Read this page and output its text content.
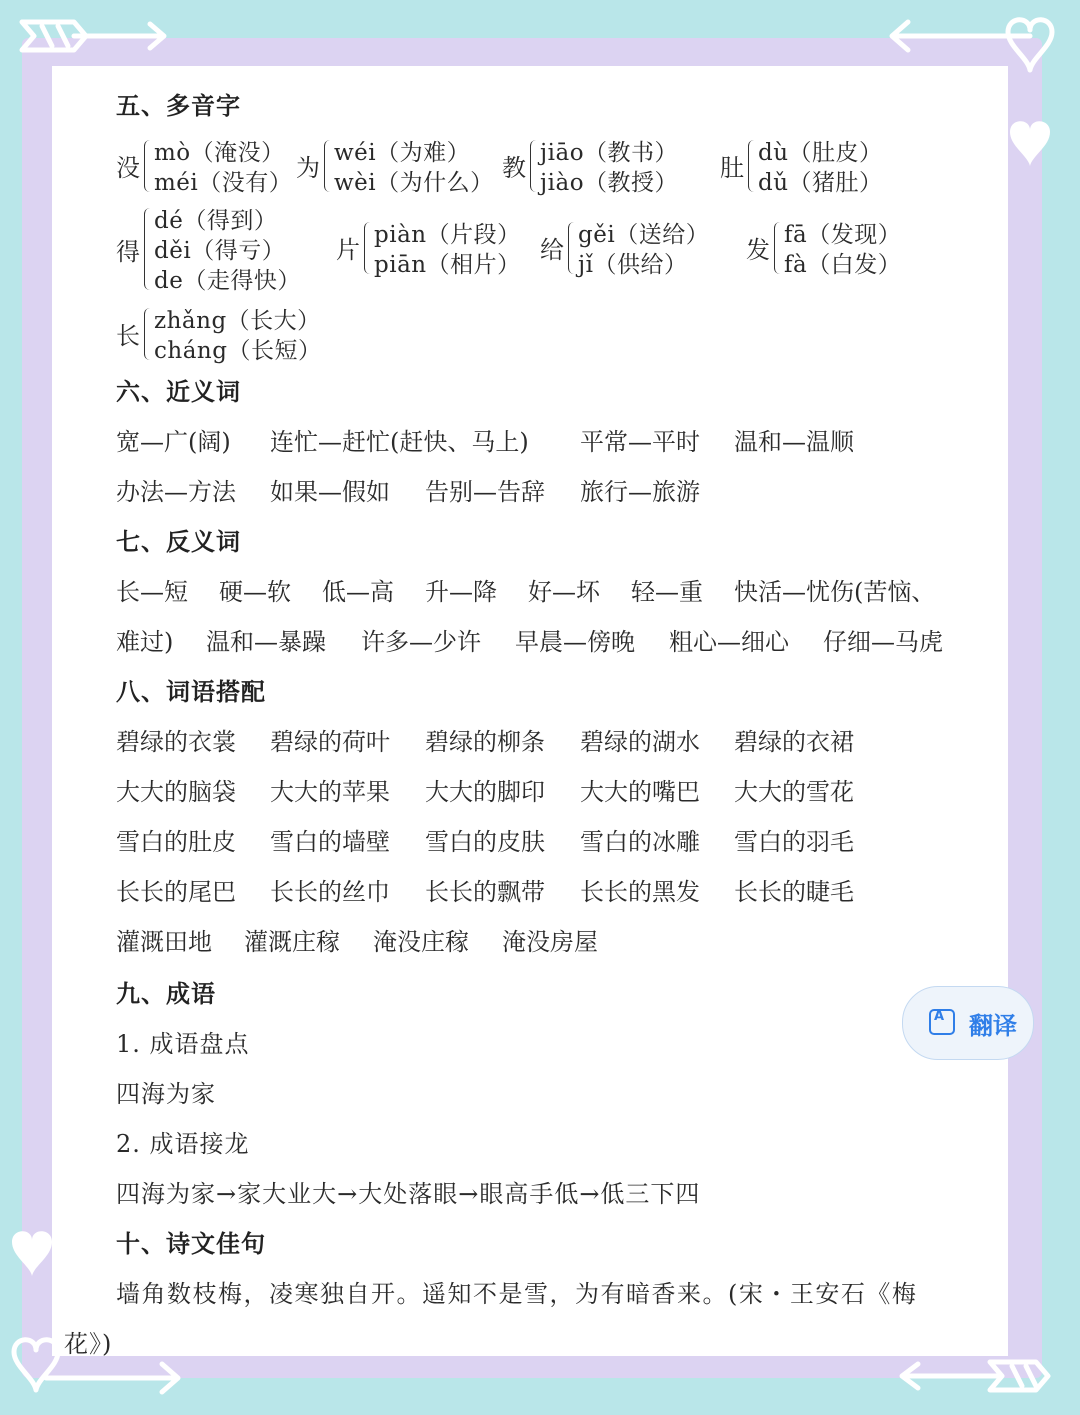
五、多音字
没
mò（淹没）
méi（没有）
为
wéi（为难）
wèi（为什么）
教
jiāo（教书）
jiào（教授）
肚
dù（肚皮）
dǔ（猪肚）
得
dé（得到）
děi（得亏）
de（走得快）
片
piàn（片段）
piān（相片）
给
gěi（送给）
jǐ（供给）
发
fā（发现）
fà（白发）
长
zhǎng（长大）
cháng（长短）
六、近义词

宽—广(阔)

连忙—赶忙(赶快、马上)

平常—平时

温和—温顺

办法—方法

如果—假如

告别—告辞

旅行—旅游

七、反义词

长—短

硬—软

低—高

升—降

好—坏

轻—重

快活—忧伤(苦恼、

难过)

温和—暴躁

许多—少许

早晨—傍晚

粗心—细心

仔细—马虎

八、词语搭配

碧绿的衣裳

碧绿的荷叶

碧绿的柳条

碧绿的湖水

碧绿的衣裙

大大的脑袋

大大的苹果

大大的脚印

大大的嘴巴

大大的雪花

雪白的肚皮

雪白的墙壁

雪白的皮肤

雪白的冰雕

雪白的羽毛

长长的尾巴

长长的丝巾

长长的飘带

长长的黑发

长长的睫毛

灌溉田地

灌溉庄稼

淹没庄稼

淹没房屋

九、成语
1. 成语盘点
四海为家
2. 成语接龙
四海为家→家大业大→大处落眼→眼高手低→低三下四
十、诗文佳句
墙角数枝梅，凌寒独自开。遥知不是雪，为有暗香来。(宋・王安石《梅
花》)
A
翻译
